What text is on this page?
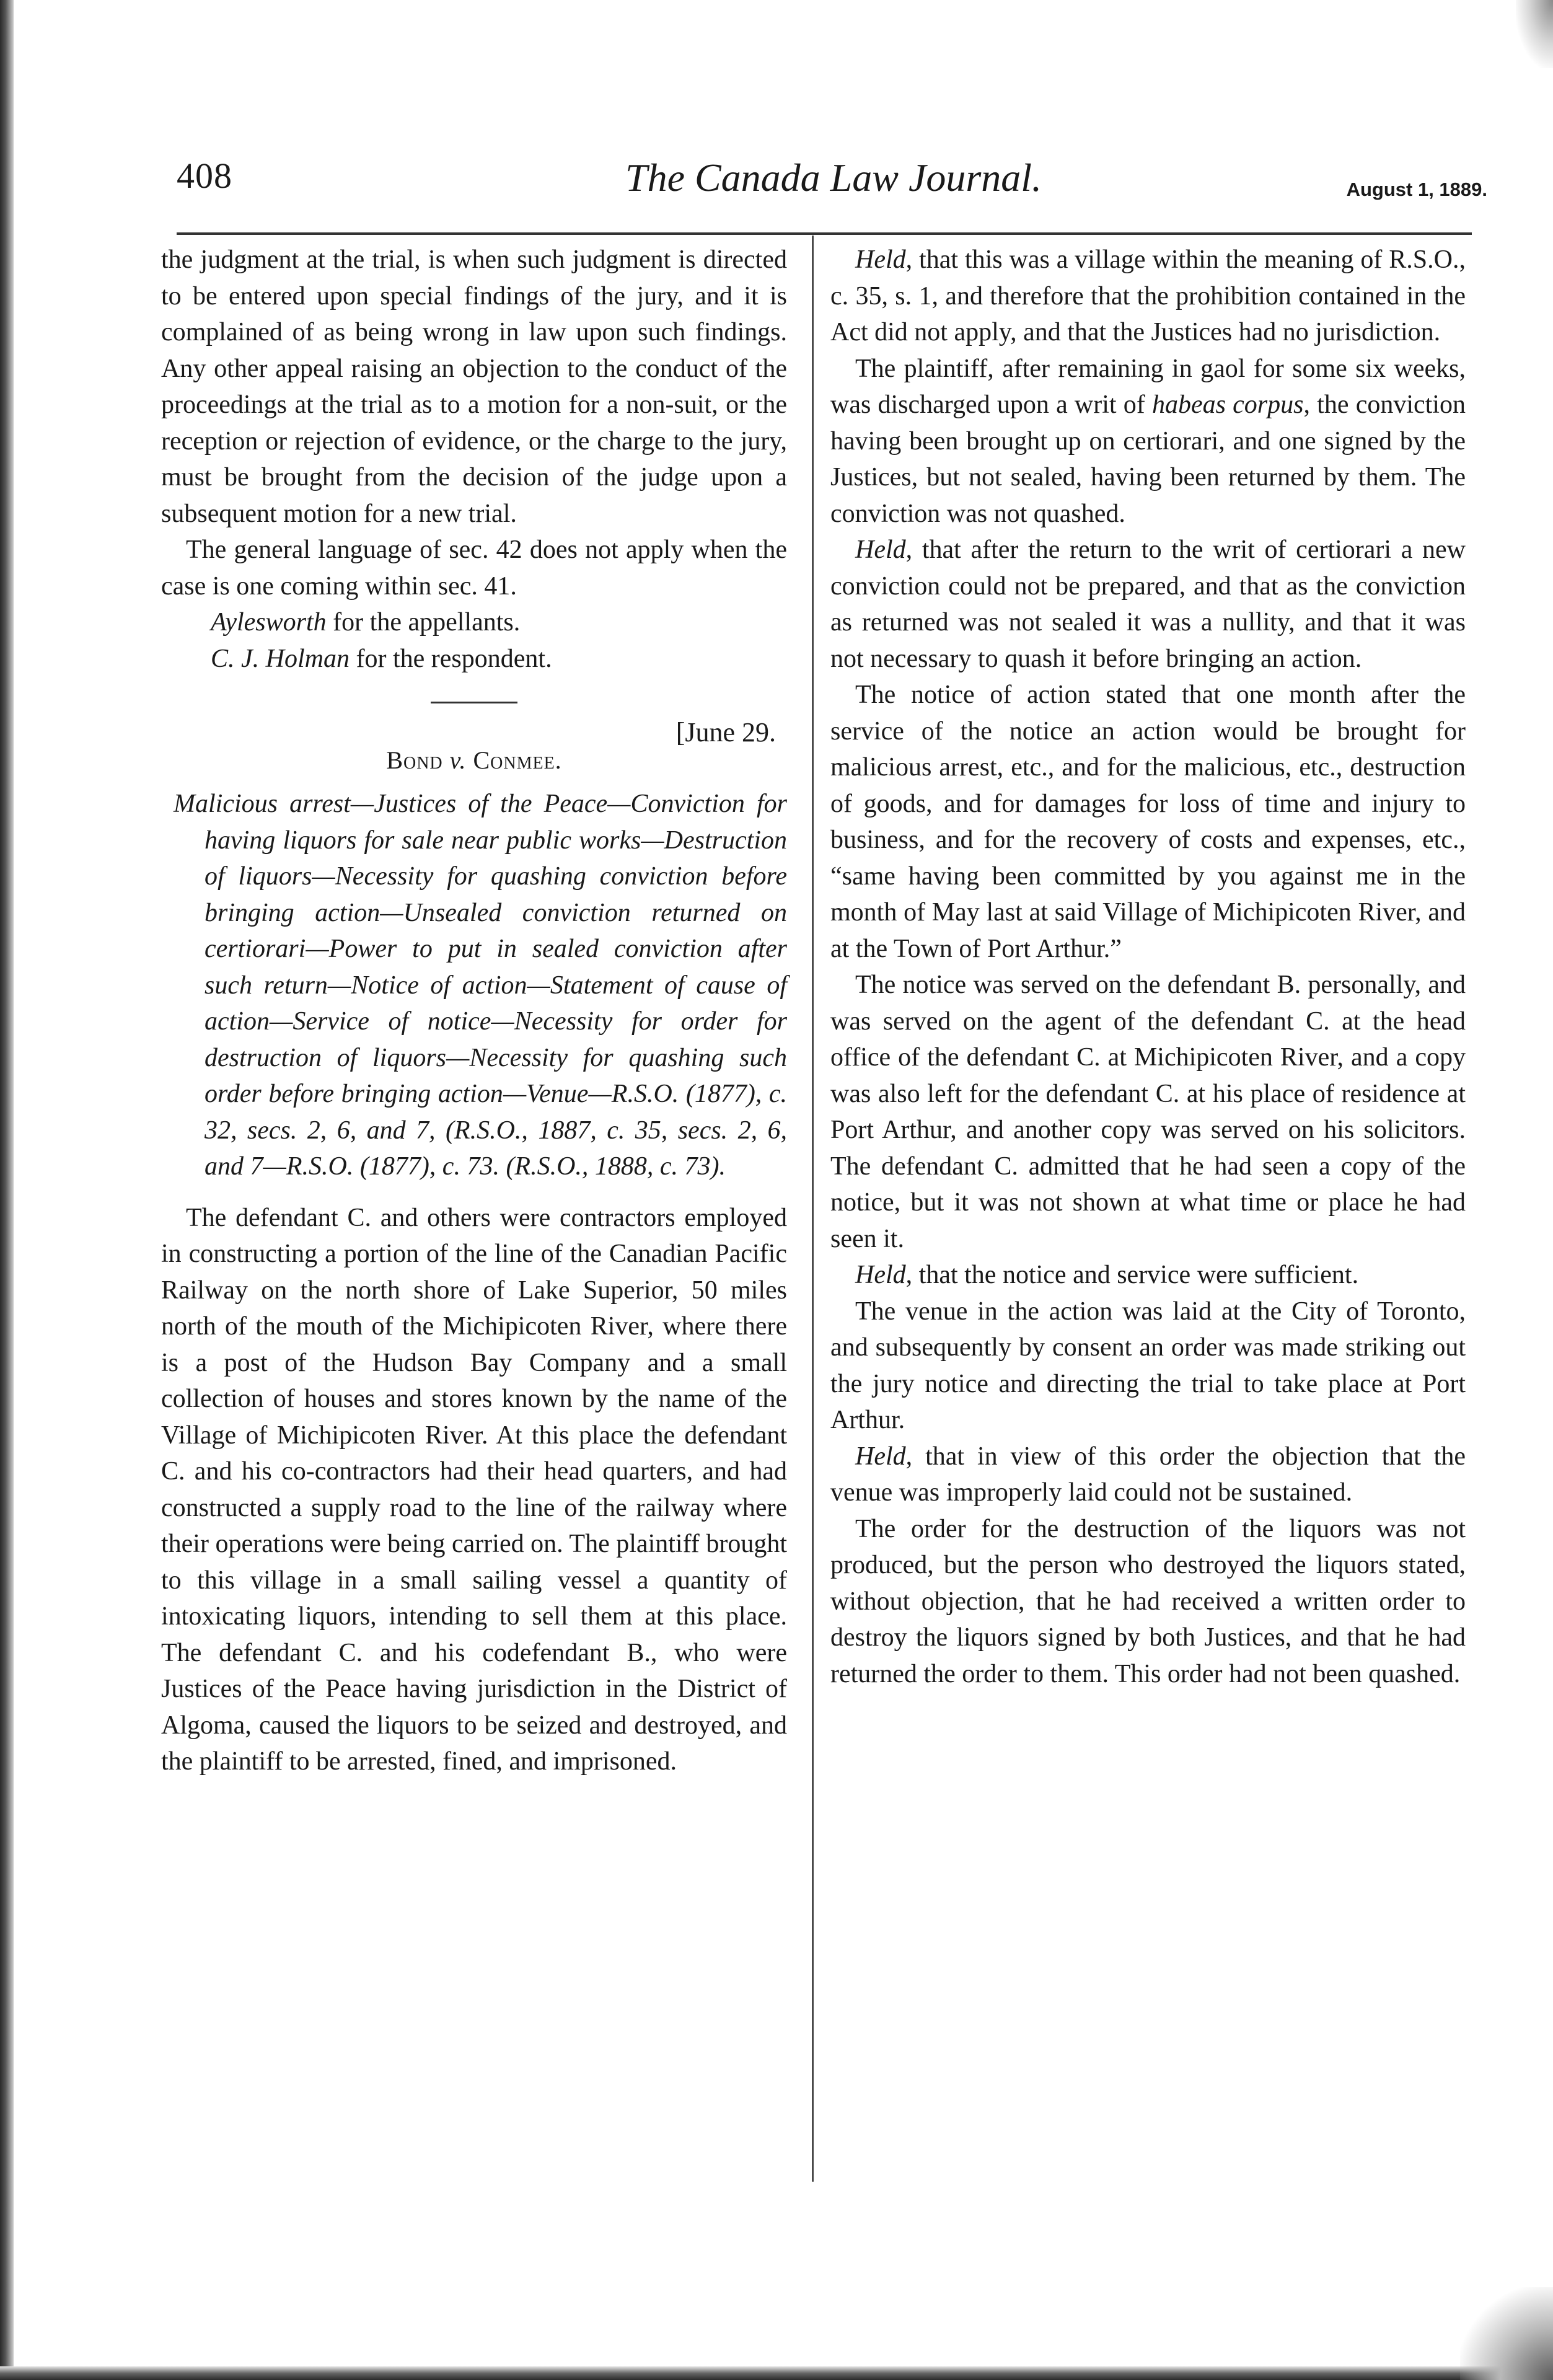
408	The Canada Law Journal.	August 1, 1889.

the judgment at the trial, is when such judgment is directed to be entered upon special findings of the jury, and it is complained of as being wrong in law upon such findings. Any other appeal raising an objection to the conduct of the proceedings at the trial as to a motion for a non-suit, or the reception or rejection of evidence, or the charge to the jury, must be brought from the decision of the judge upon a subsequent motion for a new trial.

The general language of sec. 42 does not apply when the case is one coming within sec. 41.

Aylesworth for the appellants.

C. J. Holman for the respondent.

[June 29.
Bond v. Conmee.
Malicious arrest—Justices of the Peace—Conviction for having liquors for sale near public works—Destruction of liquors—Necessity for quashing conviction before bringing action—Unsealed conviction returned on certiorari—Power to put in sealed conviction after such return—Notice of action—Statement of cause of action—Service of notice—Necessity for order for destruction of liquors—Necessity for quashing such order before bringing action—Venue—R.S.O. (1877), c. 32, secs. 2, 6, and 7, (R.S.O., 1887, c. 35, secs. 2, 6, and 7—R.S.O. (1877), c. 73. (R.S.O., 1888, c. 73).

The defendant C. and others were contractors employed in constructing a portion of the line of the Canadian Pacific Railway on the north shore of Lake Superior, 50 miles north of the mouth of the Michipicoten River, where there is a post of the Hudson Bay Company and a small collection of houses and stores known by the name of the Village of Michipicoten River. At this place the defendant C. and his co-contractors had their head quarters, and had constructed a supply road to the line of the railway where their operations were being carried on. The plaintiff brought to this village in a small sailing vessel a quantity of intoxicating liquors, intending to sell them at this place. The defendant C. and his codefendant B., who were Justices of the Peace having jurisdiction in the District of Algoma, caused the liquors to be seized and destroyed, and the plaintiff to be arrested, fined, and imprisoned.

Held, that this was a village within the meaning of R.S.O., c. 35, s. 1, and therefore that the prohibition contained in the Act did not apply, and that the Justices had no jurisdiction.

The plaintiff, after remaining in gaol for some six weeks, was discharged upon a writ of habeas corpus, the conviction having been brought up on certiorari, and one signed by the Justices, but not sealed, having been returned by them. The conviction was not quashed.

Held, that after the return to the writ of certiorari a new conviction could not be prepared, and that as the conviction as returned was not sealed it was a nullity, and that it was not necessary to quash it before bringing an action.

The notice of action stated that one month after the service of the notice an action would be brought for malicious arrest, etc., and for the malicious, etc., destruction of goods, and for damages for loss of time and injury to business, and for the recovery of costs and expenses, etc., “same having been committed by you against me in the month of May last at said Village of Michipicoten River, and at the Town of Port Arthur.”

The notice was served on the defendant B. personally, and was served on the agent of the defendant C. at the head office of the defendant C. at Michipicoten River, and a copy was also left for the defendant C. at his place of residence at Port Arthur, and another copy was served on his solicitors. The defendant C. admitted that he had seen a copy of the notice, but it was not shown at what time or place he had seen it.

Held, that the notice and service were sufficient.

The venue in the action was laid at the City of Toronto, and subsequently by consent an order was made striking out the jury notice and directing the trial to take place at Port Arthur.

Held, that in view of this order the objection that the venue was improperly laid could not be sustained.

The order for the destruction of the liquors was not produced, but the person who destroyed the liquors stated, without objection, that he had received a written order to destroy the liquors signed by both Justices, and that he had returned the order to them. This order had not been quashed.
